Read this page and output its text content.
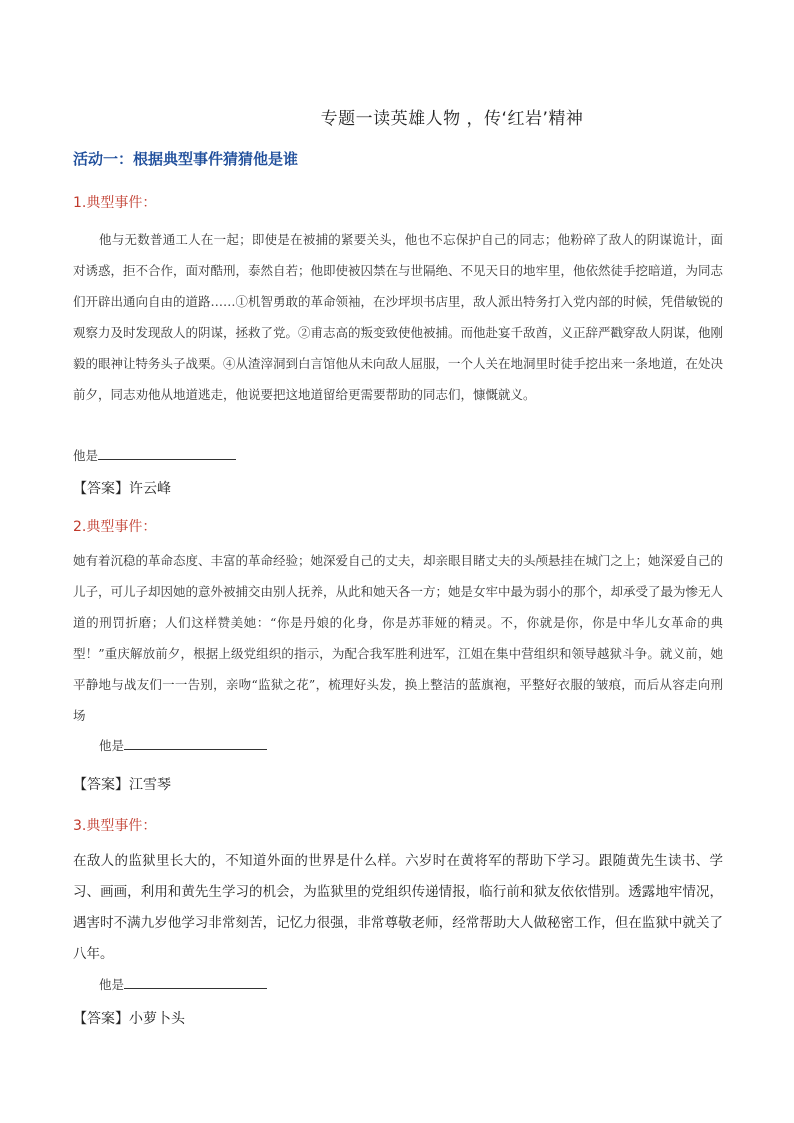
专题一读英雄人物 ，传‘红岩’精神
活动一：根据典型事件猜猜他是谁
1.典型事件：

他与无数普通工人在一起；即使是在被捕的紧要关头，他也不忘保护自己的同志；他粉碎了敌人的阴谋诡计，面对诱惑，拒不合作，面对酷刑，泰然自若；他即使被囚禁在与世隔绝、不见天日的地牢里，他依然徒手挖暗道，为同志们开辟出通向自由的道路……①机智勇敢的革命领袖，在沙坪坝书店里，敌人派出特务打入党内部的时候，凭借敏锐的观察力及时发现敌人的阴谋，拯救了党。②甫志高的叛变致使他被捕。而他赴宴千敌酋，义正辞严戳穿敌人阴谋，他刚毅的眼神让特务头子战栗。④从渣滓洞到白言馆他从未向敌人屈服，一个人关在地洞里时徒手挖出来一条地道，在处决前夕，同志劝他从地道逃走，他说要把这地道留给更需要帮助的同志们，慷慨就义。

他是
【答案】许云峰
2.典型事件：

她有着沉稳的革命态度、丰富的革命经验；她深爱自己的丈夫，却亲眼目睹丈夫的头颅悬挂在城门之上；她深爱自己的儿子，可儿子却因她的意外被捕交由别人抚养，从此和她天各一方；她是女牢中最为弱小的那个，却承受了最为惨无人道的刑罚折磨；人们这样赞美她：“你是丹娘的化身，你是苏菲娅的精灵。不，你就是你，你是中华儿女革命的典型！”重庆解放前夕，根据上级党组织的指示，为配合我军胜利进军，江姐在集中营组织和领导越狱斗争。就义前，她平静地与战友们一一告别，亲吻“监狱之花”，梳理好头发，换上整洁的蓝旗袍，平整好衣服的皱痕，而后从容走向刑场

他是
【答案】江雪琴
3.典型事件：

在敌人的监狱里长大的，不知道外面的世界是什么样。六岁时在黄将军的帮助下学习。跟随黄先生读书、学习、画画，利用和黄先生学习的机会，为监狱里的党组织传递情报，临行前和狱友依依惜别。透露地牢情况，遇害时不满九岁他学习非常刻苦，记忆力很强，非常尊敬老师，经常帮助大人做秘密工作，但在监狱中就关了八年。

他是
【答案】小萝卜头
